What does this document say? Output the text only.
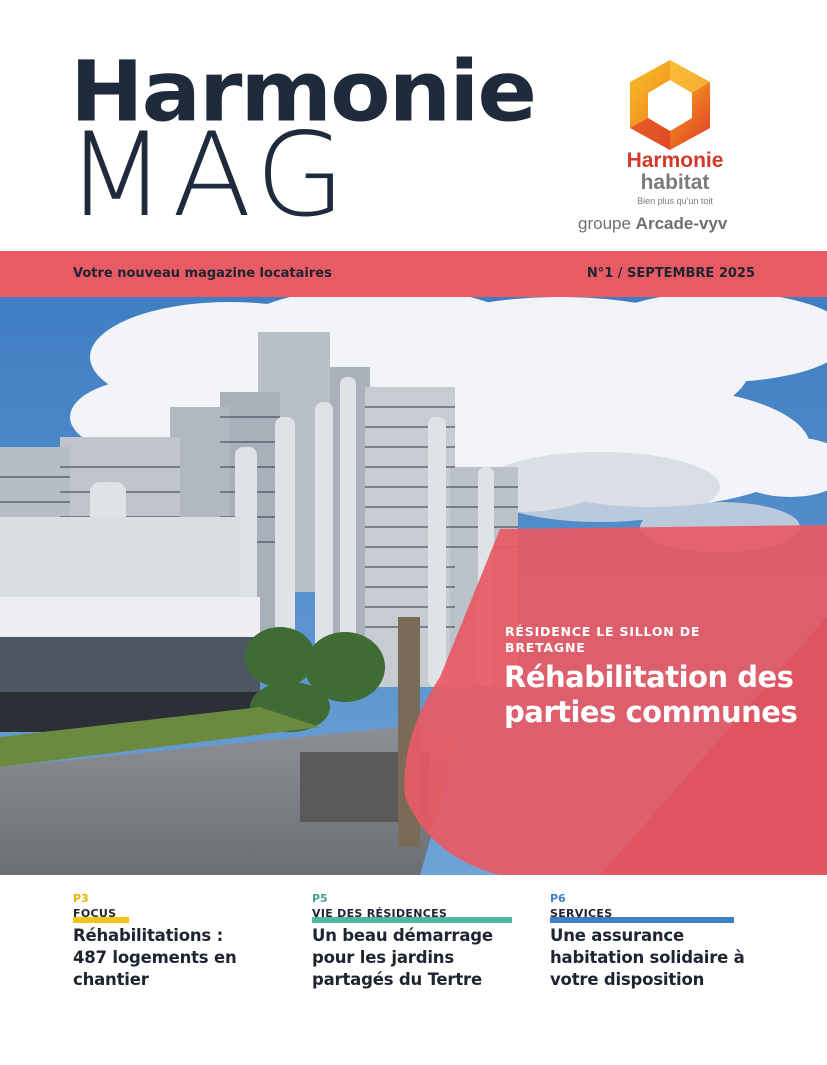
Harmonie
MAG	Harmonie
habitat
Bien plus qu'un toit
groupe Arcade-vyv
Votre nouveau magazine locataires	N°1 / SEPTEMBRE 2025
RÉSIDENCE LE SILLON DE BRETAGNE
Réhabilitation des parties communes
P3
FOCUS
Réhabilitations : 487 logements en chantier
P5
VIE DES RÉSIDENCES
Un beau démarrage pour les jardins partagés du Tertre
P6
SERVICES
Une assurance habitation solidaire à votre disposition
